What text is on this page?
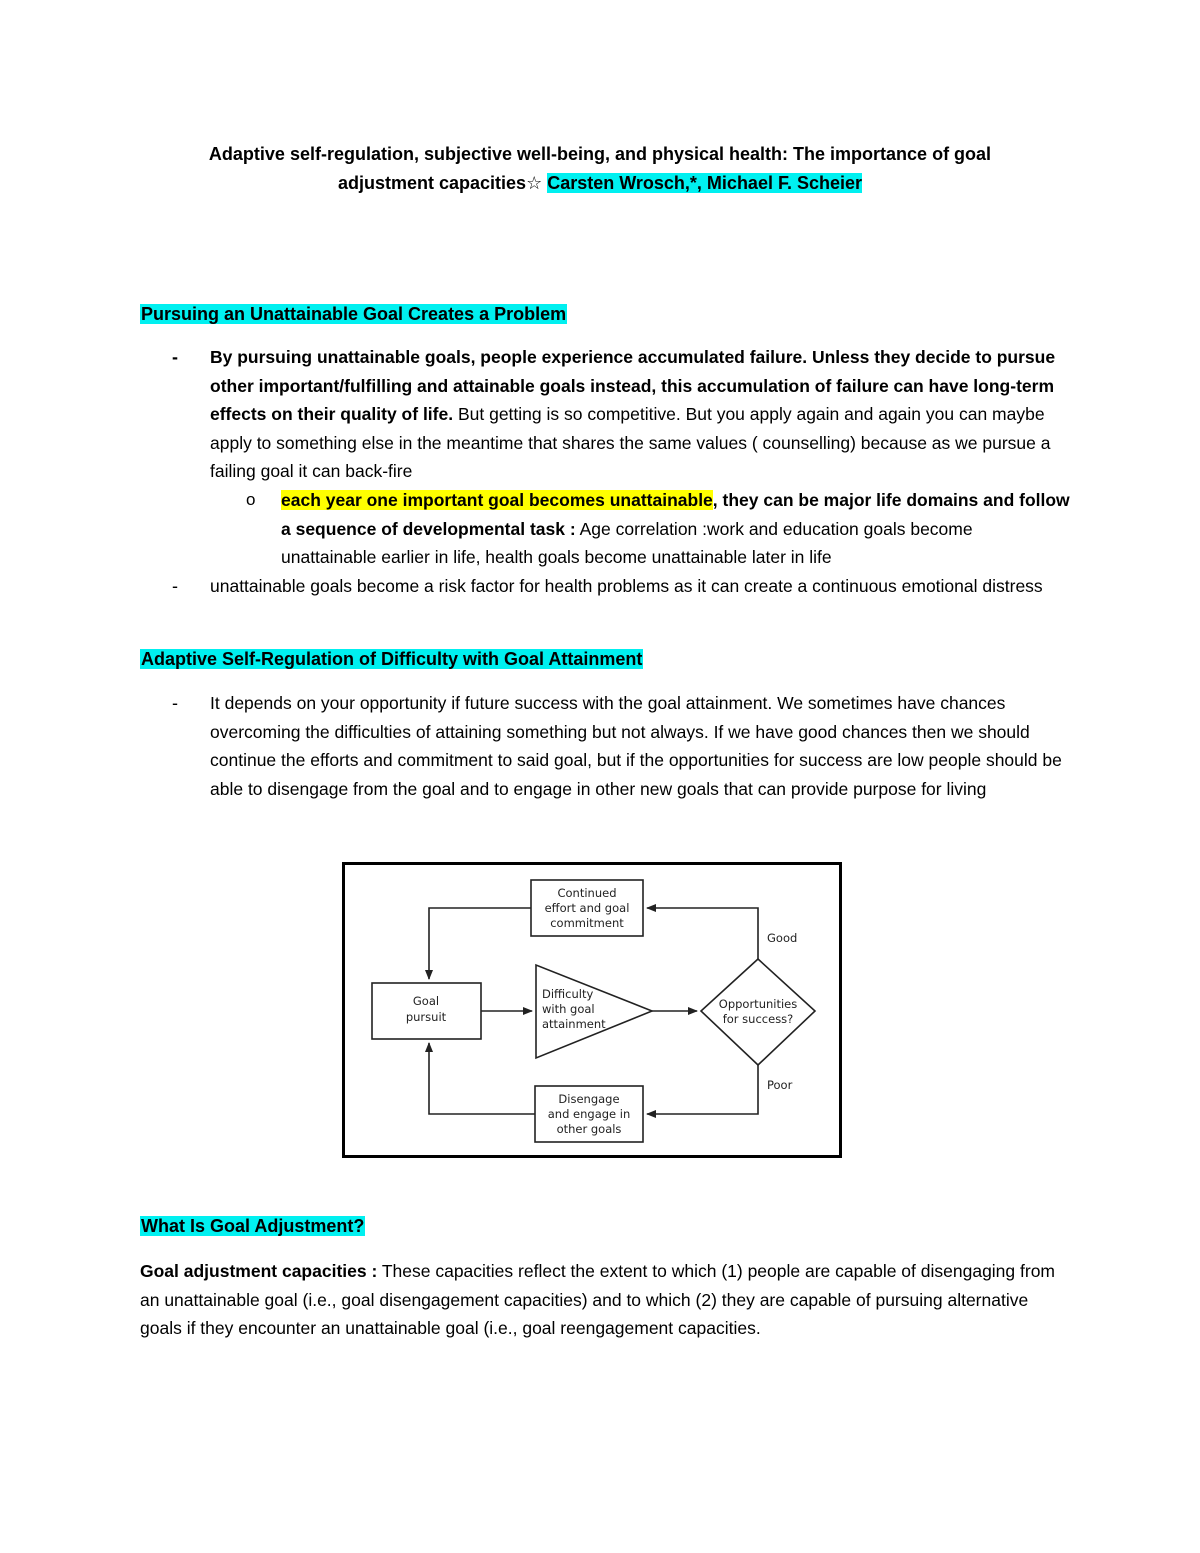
Adaptive self-regulation, subjective well-being, and physical health: The importance of goal
adjustment capacities☆ Carsten Wrosch,*, Michael F. Scheier
Pursuing an Unattainable Goal Creates a Problem
- By pursuing unattainable goals, people experience accumulated failure. Unless they decide to pursue other important/fulfilling and attainable goals instead, this accumulation of failure can have long-term effects on their quality of life. But getting is so competitive. But you apply again and again you can maybe apply to something else in the meantime that shares the same values ( counselling) because as we pursue a failing goal it can back-fire
o each year one important goal becomes unattainable, they can be major life domains and follow a sequence of developmental task : Age correlation :work and education goals become unattainable earlier in life, health goals become unattainable later in life
- unattainable goals become a risk factor for health problems as it can create a continuous emotional distress
Adaptive Self-Regulation of Difficulty with Goal Attainment
- It depends on your opportunity if future success with the goal attainment. We sometimes have chances overcoming the difficulties of attaining something but not always. If we have good chances then we should continue the efforts and commitment to said goal, but if the opportunities for success are low people should be able to disengage from the goal and to engage in other new goals that can provide purpose for living
Continued
effort and goal
commitment
Goal
pursuit
Difficulty
with goal
attainment
Opportunities
for success?
Disengage
and engage in
other goals
Good
Poor
What Is Goal Adjustment?
Goal adjustment capacities : These capacities reflect the extent to which (1) people are capable of disengaging from an unattainable goal (i.e., goal disengagement capacities) and to which (2) they are capable of pursuing alternative goals if they encounter an unattainable goal (i.e., goal reengagement capacities.
